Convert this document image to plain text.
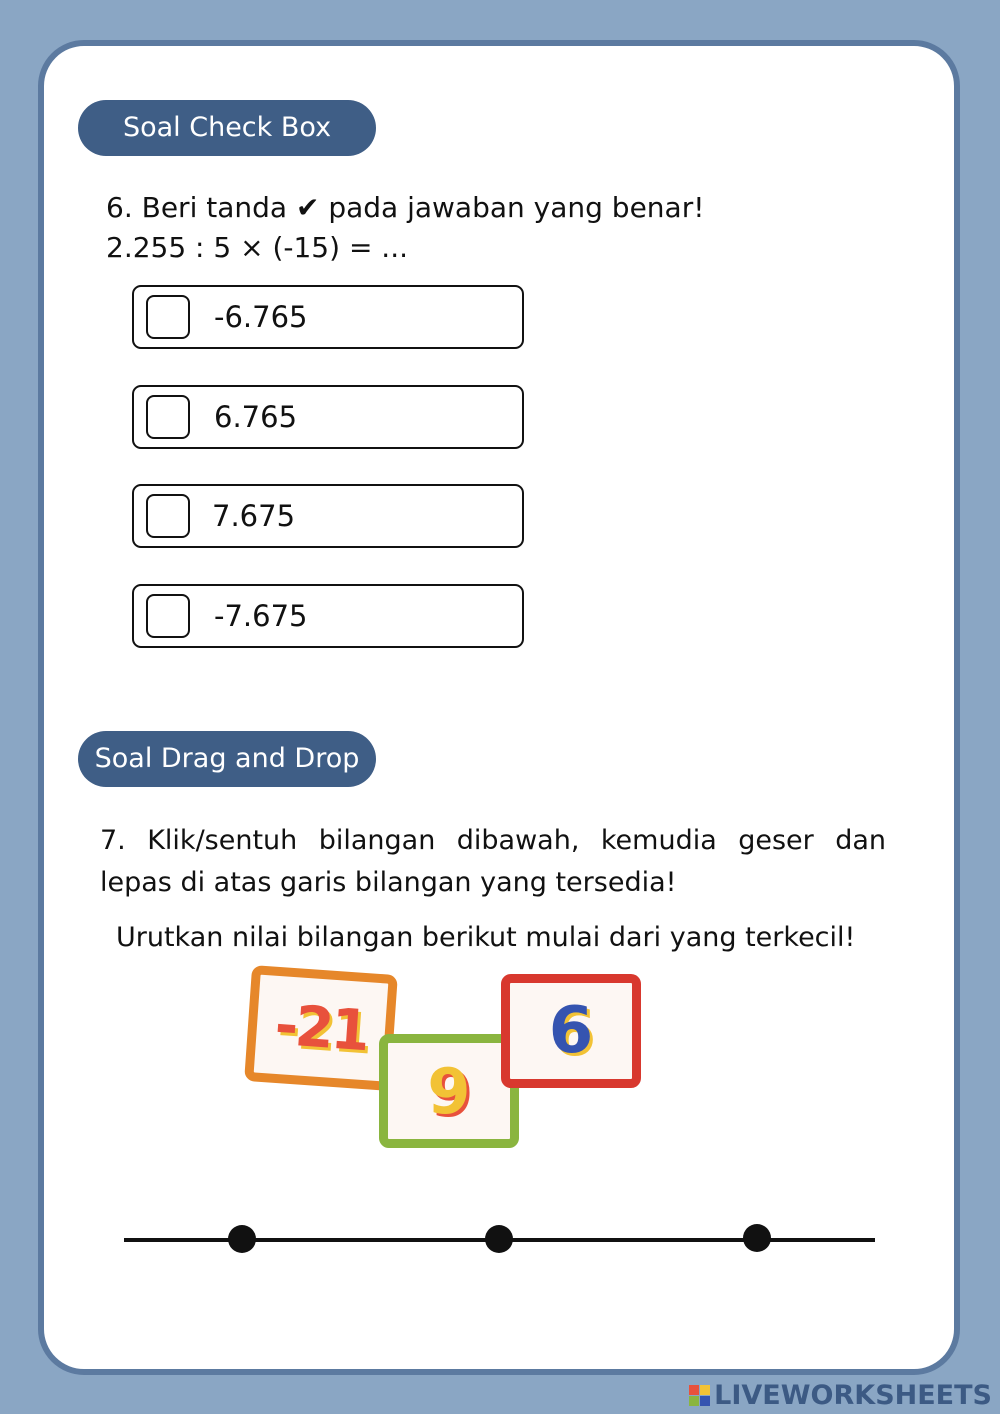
Soal Check Box
6. Beri tanda ✔ pada jawaban yang benar!
2.255 : 5 × (-15) = ...
-6.765
6.765
7.675
-7.675
Soal Drag and Drop
7. Klik/sentuh bilangan dibawah, kemudia geser dan lepas di atas garis bilangan yang tersedia!
Urutkan nilai bilangan berikut mulai dari yang terkecil!
-21
9
6
LIVEWORKSHEETS
